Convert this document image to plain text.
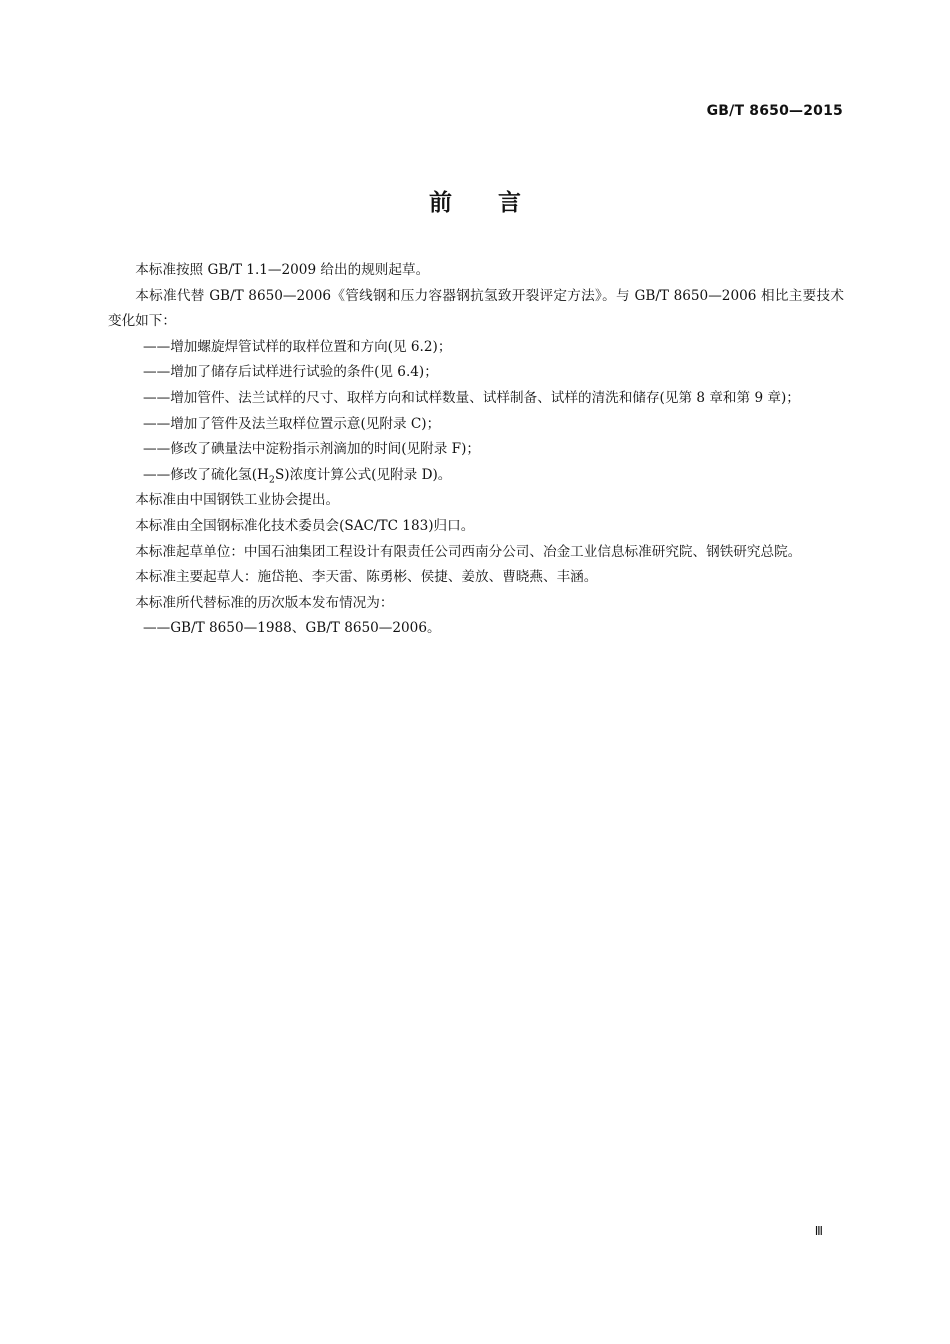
GB/T 8650—2015
前　　言

本标准按照 GB/T 1.1—2009 给出的规则起草。

本标准代替 GB/T 8650—2006《管线钢和压力容器钢抗氢致开裂评定方法》。与 GB/T 8650—2006 相比主要技术变化如下：

——增加螺旋焊管试样的取样位置和方向(见 6.2)；

——增加了储存后试样进行试验的条件(见 6.4)；

——增加管件、法兰试样的尺寸、取样方向和试样数量、试样制备、试样的清洗和储存(见第 8 章和第 9 章)；

——增加了管件及法兰取样位置示意(见附录 C)；

——修改了碘量法中淀粉指示剂滴加的时间(见附录 F)；

——修改了硫化氢$(H_2S)$浓度计算公式(见附录 D)。

本标准由中国钢铁工业协会提出。

本标准由全国钢标准化技术委员会(SAC/TC 183)归口。

本标准起草单位：中国石油集团工程设计有限责任公司西南分公司、冶金工业信息标准研究院、钢铁研究总院。

本标准主要起草人：施岱艳、李天雷、陈勇彬、侯捷、姜放、曹晓燕、丰涵。

本标准所代替标准的历次版本发布情况为：

——GB/T 8650—1988、GB/T 8650—2006。

Ⅲ
